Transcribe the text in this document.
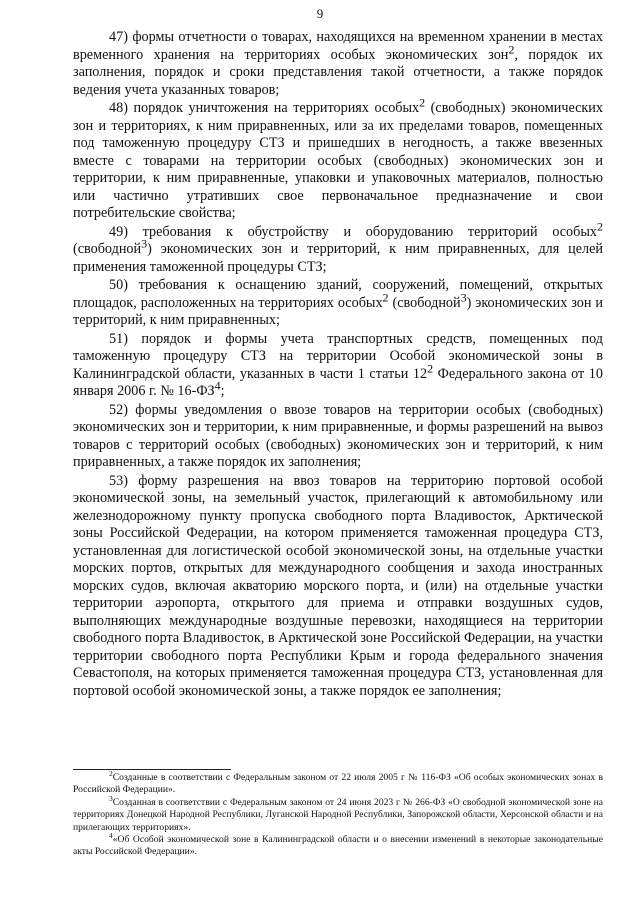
9

47) формы отчетности о товарах, находящихся на временном хранении в местах временного хранения на территориях особых экономических зон$^2$, порядок их заполнения, порядок и сроки представления такой отчетности, а также порядок ведения учета указанных товаров;

48) порядок уничтожения на территориях особых$^2$ (свободных) экономических зон и территориях, к ним приравненных, или за их пределами товаров, помещенных под таможенную процедуру СТЗ и пришедших в негодность, а также ввезенных вместе с товарами на территории особых (свободных) экономических зон и территории, к ним приравненные, упаковки и упаковочных материалов, полностью или частично утративших свое первоначальное предназначение и свои потребительские свойства;

49) требования к обустройству и оборудованию территорий особых$^2$ (свободной$^3$) экономических зон и территорий, к ним приравненных, для целей применения таможенной процедуры СТЗ;

50) требования к оснащению зданий, сооружений, помещений, открытых площадок, расположенных на территориях особых$^2$ (свободной$^3$) экономических зон и территорий, к ним приравненных;

51) порядок и формы учета транспортных средств, помещенных под таможенную процедуру СТЗ на территории Особой экономической зоны в Калининградской области, указанных в части 1 статьи 12$^2$ Федерального закона от 10 января 2006 г. № 16-ФЗ$^4$;

52) формы уведомления о ввозе товаров на территории особых (свободных) экономических зон и территории, к ним приравненные, и формы разрешений на вывоз товаров с территорий особых (свободных) экономических зон и территорий, к ним приравненных, а также порядок их заполнения;

53) форму разрешения на ввоз товаров на территорию портовой особой экономической зоны, на земельный участок, прилегающий к автомобильному или железнодорожному пункту пропуска свободного порта Владивосток, Арктической зоны Российской Федерации, на котором применяется таможенная процедура СТЗ, установленная для логистической особой экономической зоны, на отдельные участки морских портов, открытых для международного сообщения и захода иностранных морских судов, включая акваторию морского порта, и (или) на отдельные участки территории аэропорта, открытого для приема и отправки воздушных судов, выполняющих международные воздушные перевозки, находящиеся на территории свободного порта Владивосток, в Арктической зоне Российской Федерации, на участки территории свободного порта Республики Крым и города федерального значения Севастополя, на которых применяется таможенная процедура СТЗ, установленная для портовой особой экономической зоны, а также порядок ее заполнения;

$^2$Созданные в соответствии с Федеральным законом от 22 июля 2005 г № 116-ФЗ «Об особых экономических зонах в Российской Федерации».

$^3$Созданная в соответствии с Федеральным законом от 24 июня 2023 г № 266-ФЗ «О свободной экономической зоне на территориях Донецкой Народной Республики, Луганской Народной Республики, Запорожской области, Херсонской области и на прилегающих территориях».

$^4$«Об Особой экономической зоне в Калининградской области и о внесении изменений в некоторые законодательные акты Российской Федерации».
